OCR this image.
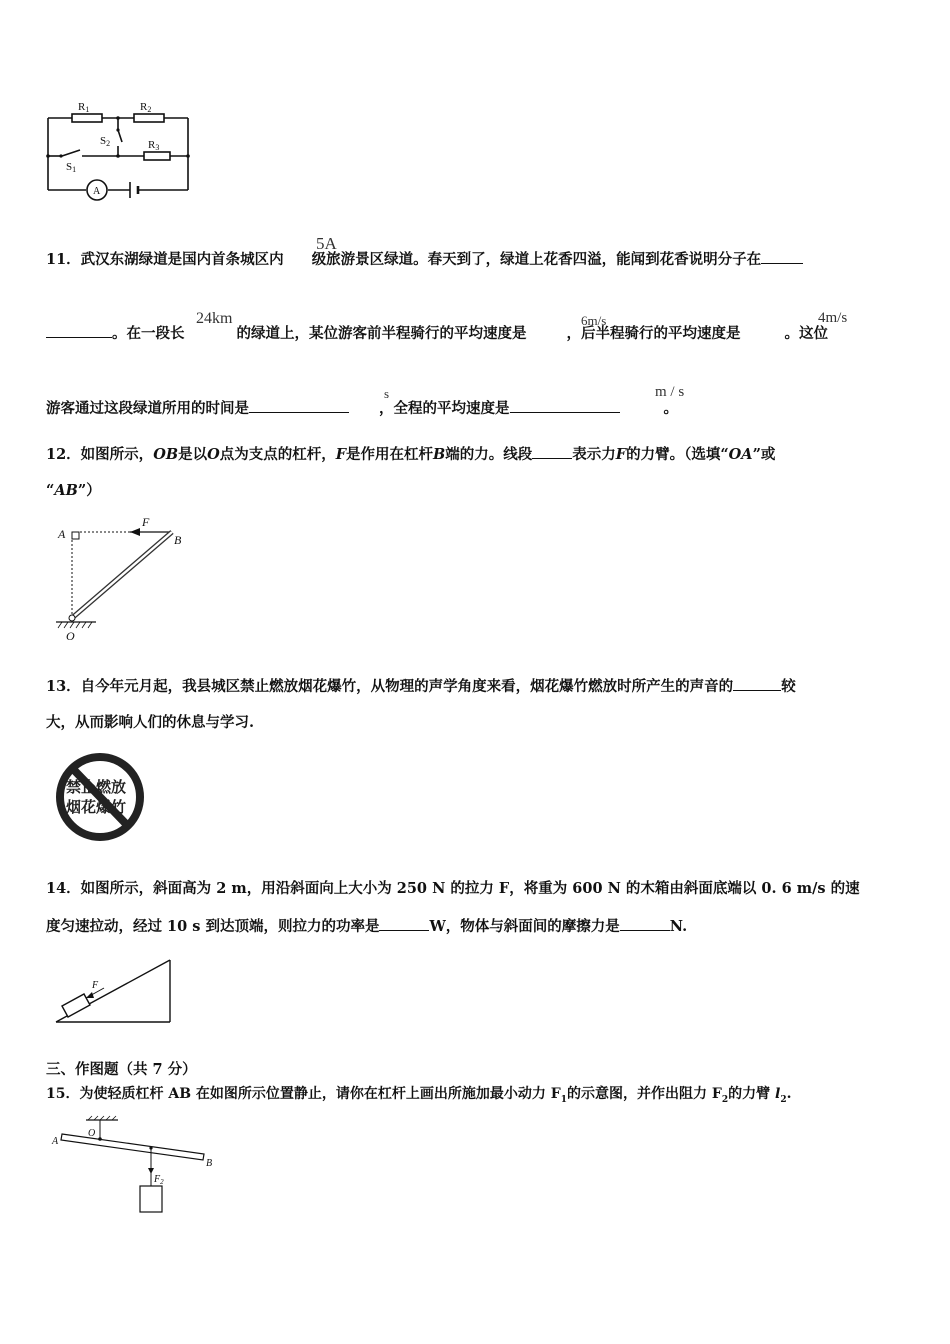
R1	R2
S2	R3
S1
A
11．武汉东湖绿道是国内首条城区内 级旅游景区绿道。春天到了，绿道上花香四溢，能闻到花香说明分子在
5A
。在一段长	的绿道上，某位游客前半程骑行的平均速度是	，后半程骑行的平均速度是	。这位
24km	6m/s	4m/s
游客通过这段绿道所用的时间是	，全程的平均速度是	。
s	m / s
12．如图所示，OB是以O点为支点的杠杆，F是作用在杠杆B端的力。线段	表示力F的力臂。（选填“OA”或
“AB”）
A
F
B
O
13．自今年元月起，我县城区禁止燃放烟花爆竹，从物理的声学角度来看，烟花爆竹燃放时所产生的声音的	较
大，从而影响人们的休息与学习.
禁止燃放
烟花爆竹
14．如图所示，斜面高为 2 m，用沿斜面向上大小为 250 N 的拉力 F，将重为 600 N 的木箱由斜面底端以 0. 6 m/s 的速
度匀速拉动，经过 10 s 到达顶端，则拉力的功率是	W，物体与斜面间的摩擦力是	N.
F
三、作图题（共 7 分）
15．为使轻质杠杆 AB 在如图所示位置静止，请你在杠杆上画出所施加最小动力 $F_1$的示意图，并作出阻力 $F_2$的力臂 $l_2$.
A
O
B
$F_2$
